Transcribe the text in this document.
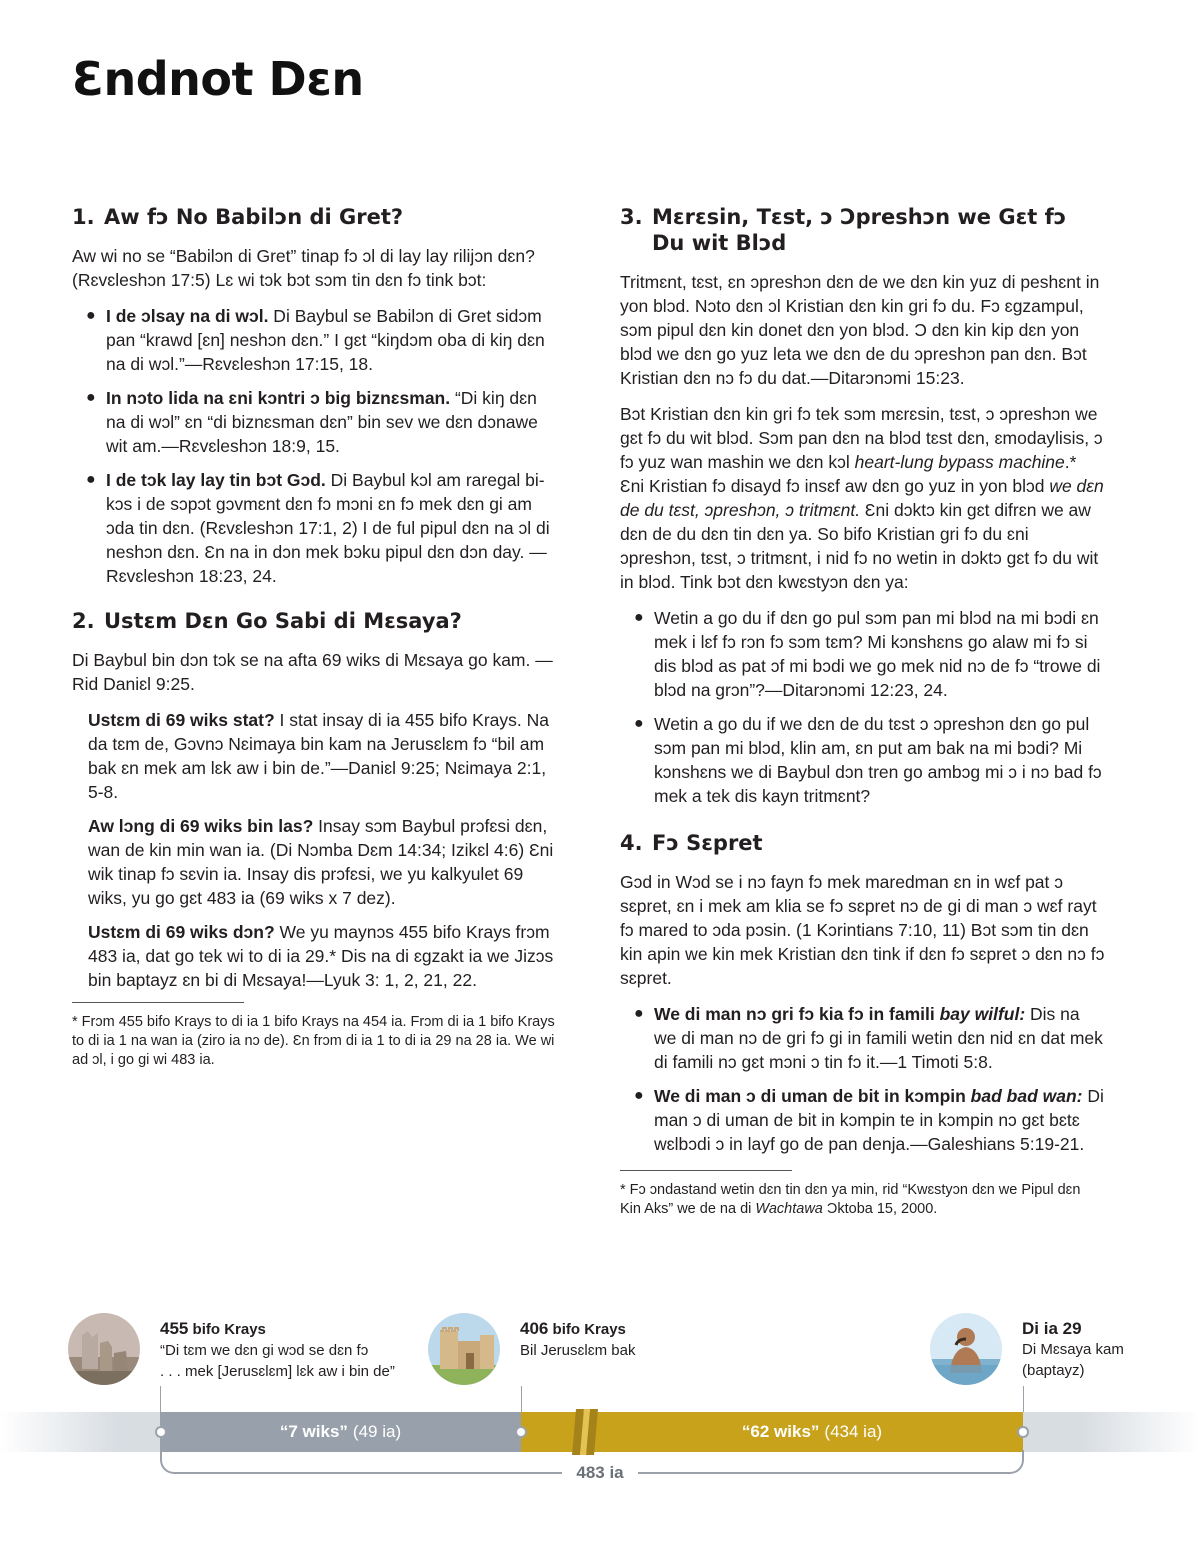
Ɛndnot Dɛn
1. Aw fɔ No Babilɔn di Gret?

Aw wi no se “Babilɔn di Gret” tinap fɔ ɔl di lay lay rilijɔn dɛn? (Rɛvɛleshɔn 17:5) Lɛ wi tɔk bɔt sɔm tin dɛn fɔ tink bɔt:

● I de ɔlsay na di wɔl. Di Baybul se Babilɔn di Gret sidɔm pan “krawd [ɛn] neshɔn dɛn.” I gɛt “kiŋdɔm oba di kiŋ dɛn na di wɔl.”—Rɛvɛleshɔn 17:15, 18.
● In nɔto lida na ɛni kɔntri ɔ big biznɛsman. “Di kiŋ dɛn na di wɔl” ɛn “di biznɛsman dɛn” bin sev we dɛn dɔnawe wit am.—Rɛvɛleshɔn 18:9, 15.
● I de tɔk lay lay tin bɔt Gɔd. Di Baybul kɔl am raregal bikɔs i de sɔpɔt gɔvmɛnt dɛn fɔ mɔni ɛn fɔ mek dɛn gi am ɔda tin dɛn. (Rɛvɛleshɔn 17:1, 2) I de ful pipul dɛn na ɔl di neshɔn dɛn. Ɛn na in dɔn mek bɔku pipul dɛn dɔn day. —Rɛvɛleshɔn 18:23, 24.
2. Ustɛm Dɛn Go Sabi di Mɛsaya?

Di Baybul bin dɔn tɔk se na afta 69 wiks di Mɛsaya go kam. —Rid Daniɛl 9:25.

Ustɛm di 69 wiks stat? I stat insay di ia 455 bifo Krays. Na da tɛm de, Gɔvnɔ Nɛimaya bin kam na Jerusɛlɛm fɔ “bil am bak ɛn mek am lɛk aw i bin de.”—Daniɛl 9:25; Nɛimaya 2:1, 5-8.
Aw lɔng di 69 wiks bin las? Insay sɔm Baybul prɔfɛsi dɛn, wan de kin min wan ia. (Di Nɔmba Dɛm 14:34; Izikɛl 4:6) Ɛni wik tinap fɔ sɛvin ia. Insay dis prɔfɛsi, we yu kalkyulet 69 wiks, yu go gɛt 483 ia (69 wiks x 7 dez).
Ustɛm di 69 wiks dɔn? We yu maynɔs 455 bifo Krays frɔm 483 ia, dat go tek wi to di ia 29.* Dis na di ɛgzakt ia we Jizɔs bin baptayz ɛn bi di Mɛsaya!—Lyuk 3: 1, 2, 21, 22.

* Frɔm 455 bifo Krays to di ia 1 bifo Krays na 454 ia. Frɔm di ia 1 bifo Krays to di ia 1 na wan ia (ziro ia nɔ de). Ɛn frɔm di ia 1 to di ia 29 na 28 ia. We wi ad ɔl, i go gi wi 483 ia.

3. Mɛrɛsin, Tɛst, ɔ Ɔpreshɔn we Gɛt fɔ Du wit Blɔd

Tritmɛnt, tɛst, ɛn ɔpreshɔn dɛn de we dɛn kin yuz di peshɛnt in yon blɔd. Nɔto dɛn ɔl Kristian dɛn kin gri fɔ du. Fɔ ɛgzampul, sɔm pipul dɛn kin donet dɛn yon blɔd. Ɔ dɛn kin kip dɛn yon blɔd we dɛn go yuz leta we dɛn de du ɔpreshɔn pan dɛn. Bɔt Kristian dɛn nɔ fɔ du dat.—Ditarɔnɔmi 15:23.

Bɔt Kristian dɛn kin gri fɔ tek sɔm mɛrɛsin, tɛst, ɔ ɔpreshɔn we gɛt fɔ du wit blɔd. Sɔm pan dɛn na blɔd tɛst dɛn, ɛmodaylisis, ɔ fɔ yuz wan mashin we dɛn kɔl heart-lung bypass machine.* Ɛni Kristian fɔ disayd fɔ insɛf aw dɛn go yuz in yon blɔd we dɛn de du tɛst, ɔpreshɔn, ɔ tritmɛnt. Ɛni dɔktɔ kin gɛt difrɛn we aw dɛn de du dɛn tin dɛn ya. So bifo Kristian gri fɔ du ɛni ɔpreshɔn, tɛst, ɔ tritmɛnt, i nid fɔ no wetin in dɔktɔ gɛt fɔ du wit in blɔd. Tink bɔt dɛn kwɛstyɔn dɛn ya:

● Wetin a go du if dɛn go pul sɔm pan mi blɔd na mi bɔdi ɛn mek i lɛf fɔ rɔn fɔ sɔm tɛm? Mi kɔnshɛns go alaw mi fɔ si dis blɔd as pat ɔf mi bɔdi we go mek nid nɔ de fɔ “trowe di blɔd na grɔn”?—Ditarɔnɔmi 12:23, 24.
● Wetin a go du if we dɛn de du tɛst ɔ ɔpreshɔn dɛn go pul sɔm pan mi blɔd, klin am, ɛn put am bak na mi bɔdi? Mi kɔnshɛns we di Baybul dɔn tren go ambɔg mi ɔ i nɔ bad fɔ mek a tek dis kayn tritmɛnt?
4. Fɔ Sɛpret

Gɔd in Wɔd se i nɔ fayn fɔ mek maredman ɛn in wɛf pat ɔ sɛpret, ɛn i mek am klia se fɔ sɛpret nɔ de gi di man ɔ wɛf rayt fɔ mared to ɔda pɔsin. (1 Kɔrintians 7:10, 11) Bɔt sɔm tin dɛn kin apin we kin mek Kristian dɛn tink if dɛn fɔ sɛpret ɔ dɛn nɔ fɔ sɛpret.

● We di man nɔ gri fɔ kia fɔ in famili bay wilful: Dis na we di man nɔ de gri fɔ gi in famili wetin dɛn nid ɛn dat mek di famili nɔ gɛt mɔni ɔ tin fɔ it.—1 Timoti 5:8.
● We di man ɔ di uman de bit in kɔmpin bad bad wan: Di man ɔ di uman de bit in kɔmpin te in kɔmpin nɔ gɛt bɛtɛ wɛlbɔdi ɔ in layf go de pan denja.—Galeshians 5:19-21.

* Fɔ ɔndastand wetin dɛn tin dɛn ya min, rid “Kwɛstyɔn dɛn we Pipul dɛn Kin Aks” we de na di Wachtawa Ɔktoba 15, 2000.

455 bifo Krays
“Di tɛm we dɛn gi wɔd se dɛn fɔ
. . . mek [Jerusɛlɛm] lɛk aw i bin de”
406 bifo Krays
Bil Jerusɛlɛm bak
Di ia 29
Di Mɛsaya kam
(baptayz)
“7 wiks” (49 ia)	“62 wiks” (434 ia)
483 ia
